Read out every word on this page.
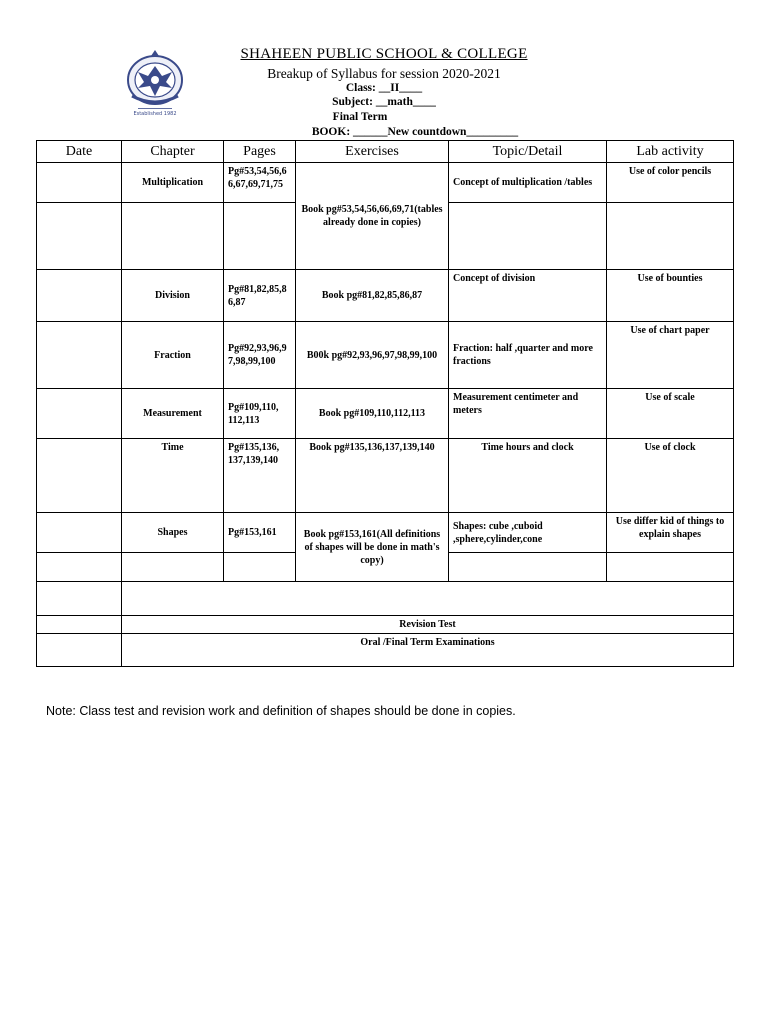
Established 1982
SHAHEEN PUBLIC SCHOOL & COLLEGE
Breakup of Syllabus for session 2020-2021
Class: __II____
Subject: __math____
Final Term
BOOK: ______New countdown_________
Date	Chapter	Pages	Exercises	Topic/Detail	Lab activity
	Multiplication	Pg#53,54,56,66,67,69,71,75	Book pg#53,54,56,66,69,71(tables already done in copies)	Concept of multiplication /tables	Use of color pencils

	Division	Pg#81,82,85,86,87	Book pg#81,82,85,86,87	Concept of division	Use of bounties
	Fraction	Pg#92,93,96,97,98,99,100	B00k pg#92,93,96,97,98,99,100	Fraction: half ,quarter and more fractions	Use of chart paper
	Measurement	Pg#109,110, 112,113	Book pg#109,110,112,113	Measurement centimeter and meters	Use of scale
	Time	Pg#135,136, 137,139,140	Book pg#135,136,137,139,140	Time hours and clock	Use of clock
	Shapes	Pg#153,161	Book pg#153,161(All definitions of shapes will be done in math's copy)	Shapes: cube ,cuboid ,sphere,cylinder,cone	Use differ kid of things to explain shapes

	Revision Test				
	Oral /Final Term Examinations				
Note: Class test and revision work and definition of shapes should be done in copies.
